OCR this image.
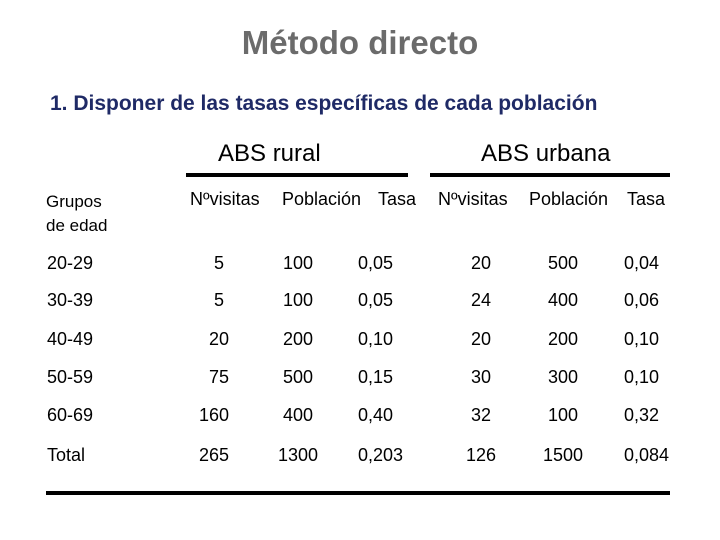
Método directo
1. Disponer de las tasas específicas de cada población
ABS rural	ABS urbana
Grupos
de edad
Nºvisitas Población Tasa Nºvisitas Población Tasa
20-29	5	100 0,05	20	500	0,04
30-39	5	100 0,05	24	400	0,06
40-49	20	200 0,10	20	200	0,10
50-59	75	500 0,15	30	300	0,10
60-69	160	400 0,40	32	100	0,32
Total	265	1300 0,203	126	1500 0,084
